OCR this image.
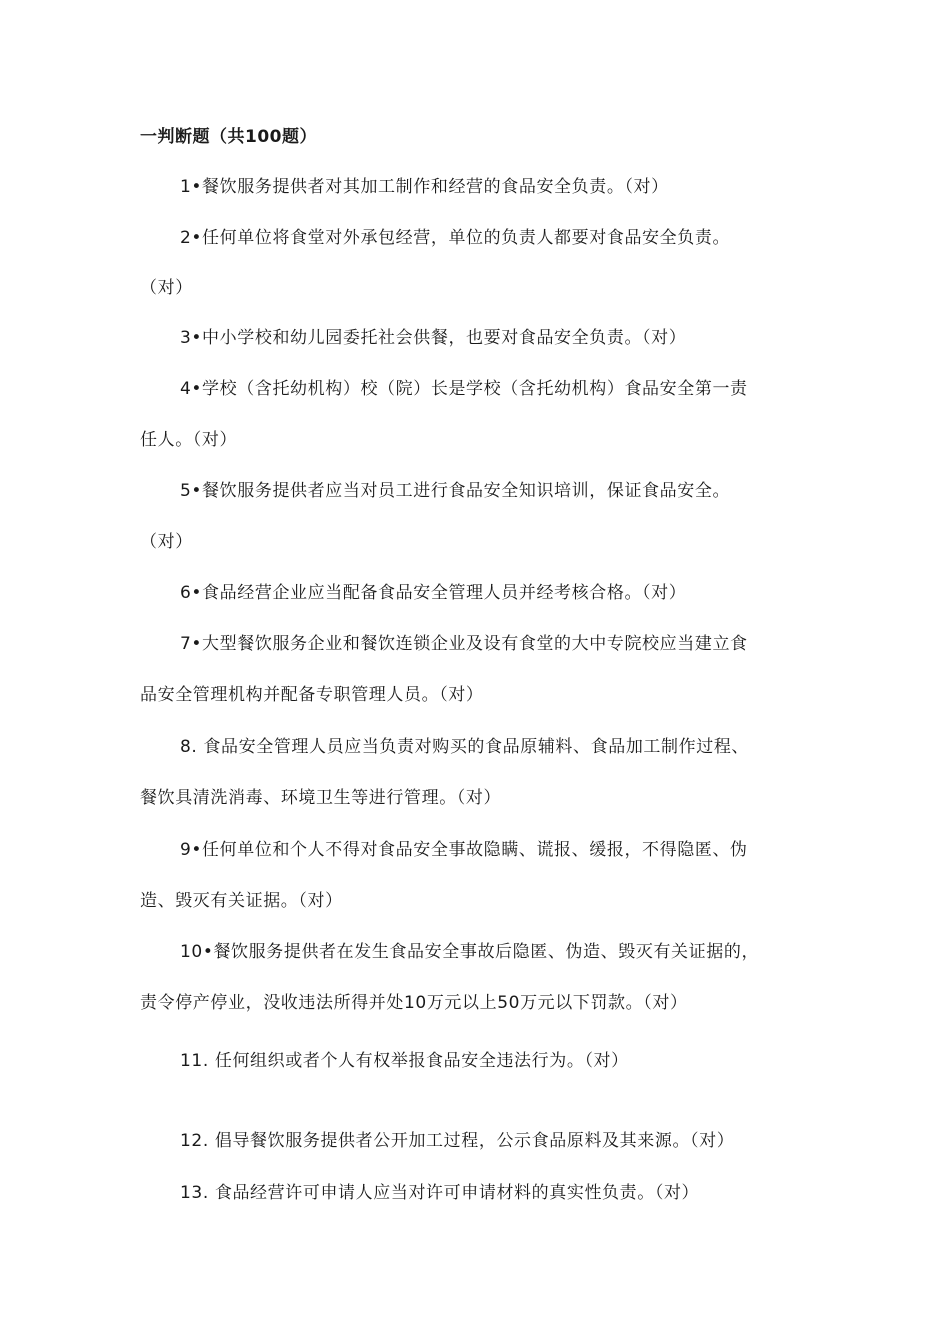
一判断题（共100题）
1•餐饮服务提供者对其加工制作和经营的食品安全负责。（对）
2•任何单位将食堂对外承包经营，单位的负责人都要对食品安全负责。
（对）
3•中小学校和幼儿园委托社会供餐，也要对食品安全负责。（对）
4•学校（含托幼机构）校（院）长是学校（含托幼机构）食品安全第一责
任人。（对）
5•餐饮服务提供者应当对员工进行食品安全知识培训，保证食品安全。
（对）
6•食品经营企业应当配备食品安全管理人员并经考核合格。（对）
7•大型餐饮服务企业和餐饮连锁企业及设有食堂的大中专院校应当建立食
品安全管理机构并配备专职管理人员。（对）
8. 食品安全管理人员应当负责对购买的食品原辅料、食品加工制作过程、
餐饮具清洗消毒、环境卫生等进行管理。（对）
9•任何单位和个人不得对食品安全事故隐瞒、谎报、缓报，不得隐匿、伪
造、毁灭有关证据。（对）
10•餐饮服务提供者在发生食品安全事故后隐匿、伪造、毁灭有关证据的，
责令停产停业，没收违法所得并处10万元以上50万元以下罚款。（对）
11. 任何组织或者个人有权举报食品安全违法行为。（对）
12. 倡导餐饮服务提供者公开加工过程，公示食品原料及其来源。（对）
13. 食品经营许可申请人应当对许可申请材料的真实性负责。（对）
